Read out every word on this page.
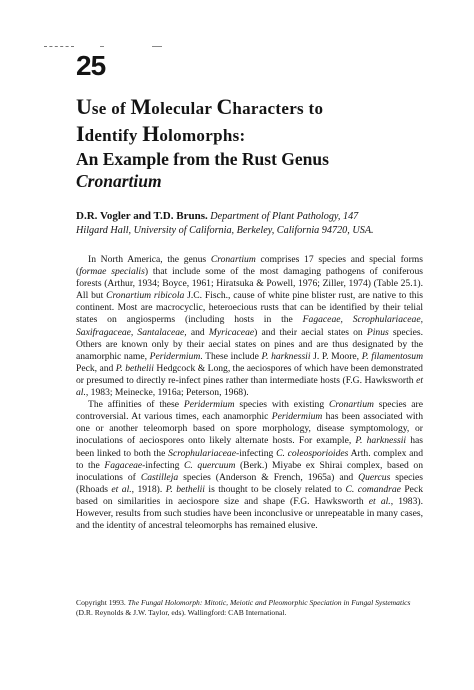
25
Use of Molecular Characters to
Identify Holomorphs:
An Example from the Rust Genus
Cronartium
D.R. Vogler and T.D. Bruns. Department of Plant Pathology, 147
Hilgard Hall, University of California, Berkeley, California 94720, USA.

In North America, the genus Cronartium comprises 17 species and special forms (formae specialis) that include some of the most damaging pathogens of coniferous forests (Arthur, 1934; Boyce, 1961; Hiratsuka & Powell, 1976; Ziller, 1974) (Table 25.1). All but Cronartium ribicola J.C. Fisch., cause of white pine blister rust, are native to this continent. Most are macrocyclic, heteroecious rusts that can be identified by their telial states on angiosperms (including hosts in the Fagaceae, Scrophulariaceae, Saxifragaceae, Santalaceae, and Myricaceae) and their aecial states on Pinus species. Others are known only by their aecial states on pines and are thus designated by the anamorphic name, Peridermium. These include P. harknessii J. P. Moore, P. filamentosum Peck, and P. bethelii Hedgcock & Long, the aeciospores of which have been demonstrated or presumed to directly re-infect pines rather than intermediate hosts (F.G. Hawksworth et al., 1983; Meinecke, 1916a; Peterson, 1968).

The affinities of these Peridermium species with existing Cronartium species are controversial. At various times, each anamorphic Peridermium has been associated with one or another teleomorph based on spore morphology, disease symptomology, or inoculations of aeciospores onto likely alternate hosts. For example, P. harknessii has been linked to both the Scrophulariaceae-infecting C. coleosporioides Arth. complex and to the Fagaceae-infecting C. quercuum (Berk.) Miyabe ex Shirai complex, based on inoculations of Castilleja species (Anderson & French, 1965a) and Quercus species (Rhoads et al., 1918). P. bethelii is thought to be closely related to C. comandrae Peck based on similarities in aeciospore size and shape (F.G. Hawksworth et al., 1983). However, results from such studies have been inconclusive or unrepeatable in many cases, and the identity of ancestral teleomorphs has remained elusive.

Copyright 1993. The Fungal Holomorph: Mitotic, Meiotic and Pleomorphic Speciation in Fungal Systematics (D.R. Reynolds & J.W. Taylor, eds). Wallingford: CAB International.
